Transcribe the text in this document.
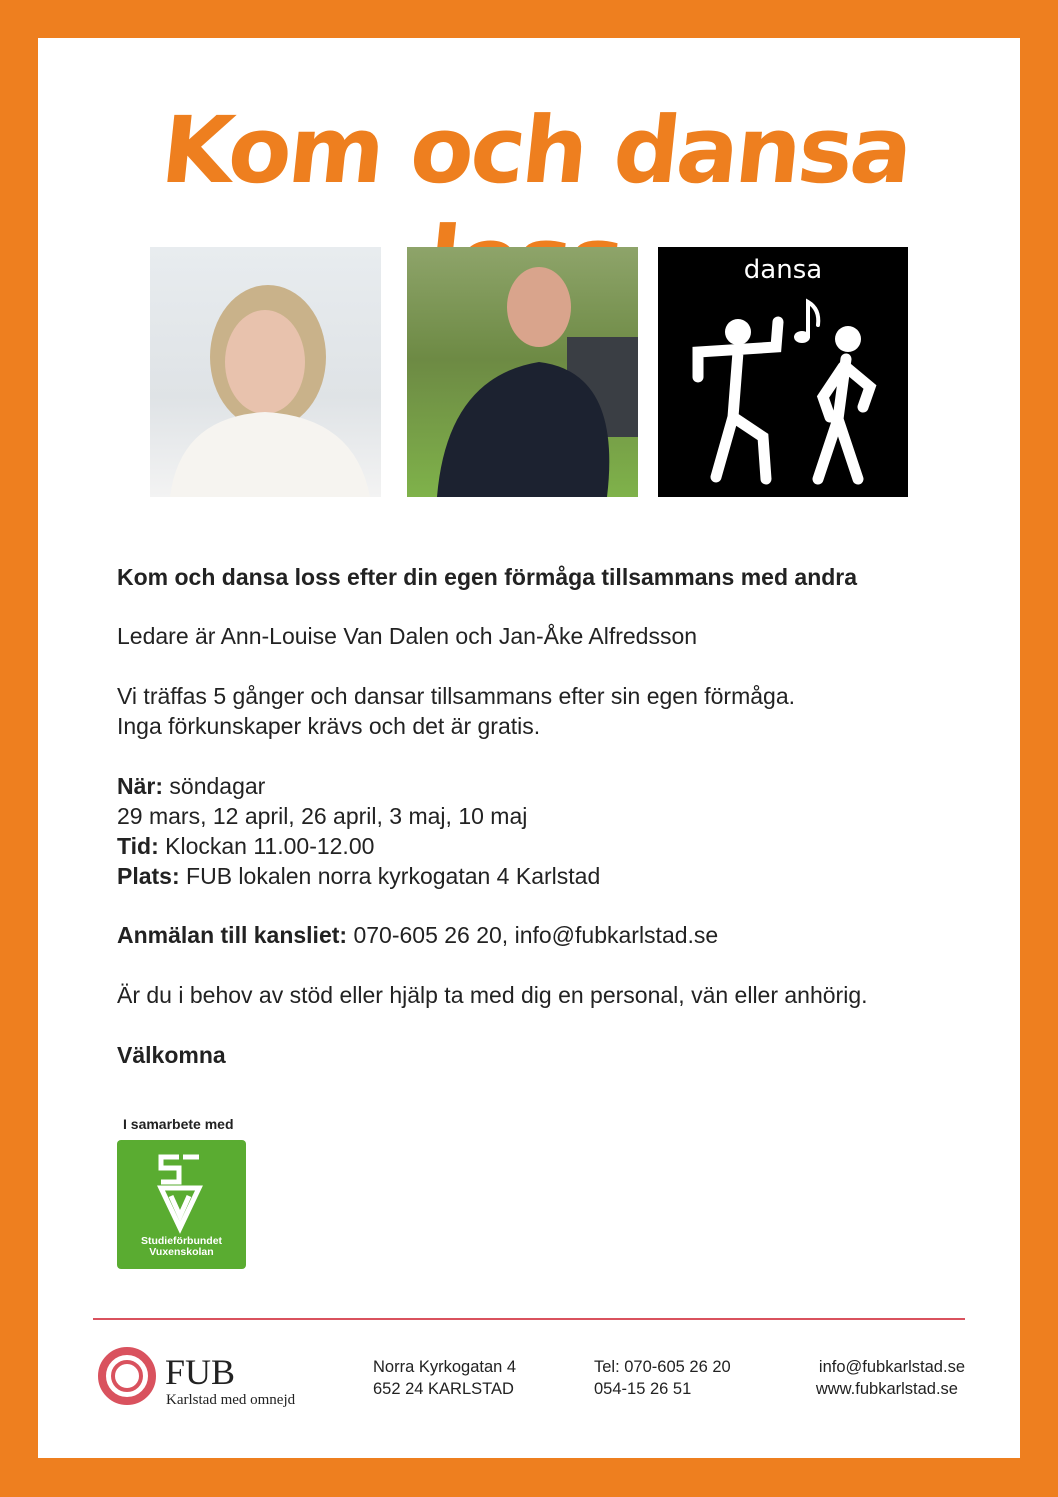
Kom och dansa
dansa
Kom och dansa loss efter din egen förmåga tillsammans med andra
Ledare är Ann-Louise Van Dalen och Jan-Åke Alfredsson
Vi träffas 5 gånger och dansar tillsammans efter sin egen förmåga.
Inga förkunskaper krävs och det är gratis.
När: söndagar
29 mars, 12 april, 26 april, 3 maj, 10 maj
Tid: Klockan 11.00-12.00
Plats: FUB lokalen norra kyrkogatan 4 Karlstad
Anmälan till kansliet: 070-605 26 20, info@fubkarlstad.se
Är du i behov av stöd eller hjälp ta med dig en personal, vän eller anhörig.
Välkomna
I samarbete med
Studieförbundet
Vuxenskolan
FUB
Karlstad med omnejd
Norra Kyrkogatan 4
652 24 KARLSTAD
Tel: 070-605 26 20
054-15 26 51
info@fubkarlstad.se
www.fubkarlstad.se
